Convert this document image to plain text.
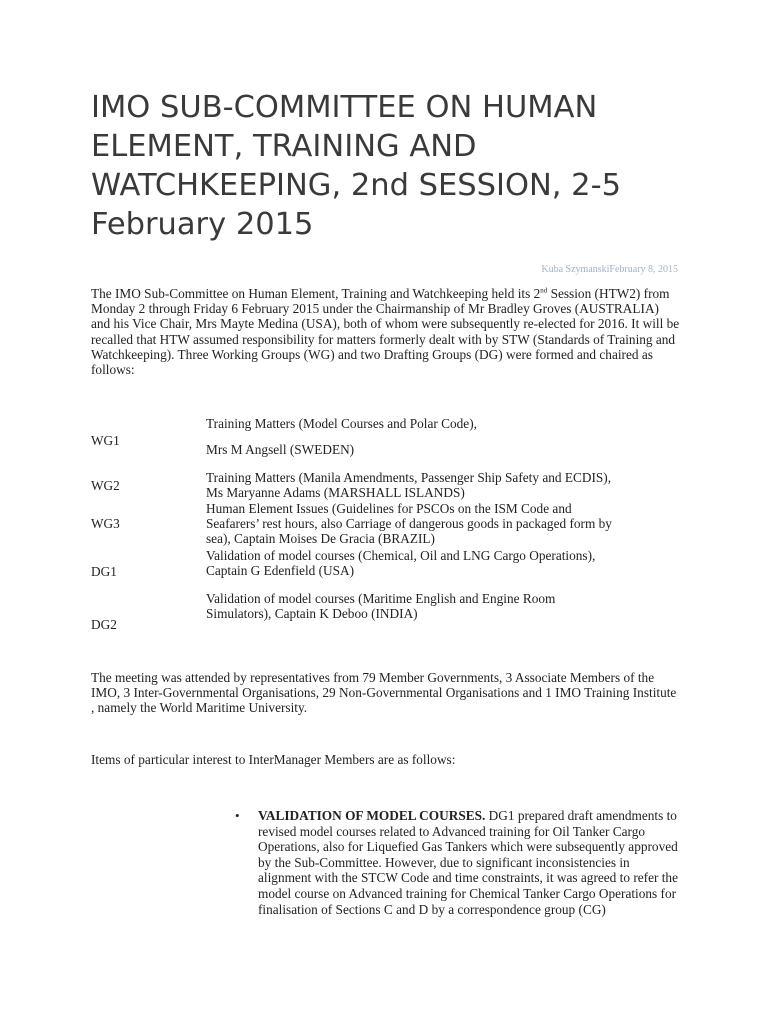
IMO SUB-COMMITTEE ON HUMAN ELEMENT, TRAINING AND WATCHKEEPING, 2nd SESSION, 2-5 February 2015
Kuba SzymanskiFebruary 8, 2015

The IMO Sub-Committee on Human Element, Training and Watchkeeping held its 2nd Session (HTW2) from Monday 2 through Friday 6 February 2015 under the Chairmanship of Mr Bradley Groves (AUSTRALIA) and his Vice Chair, Mrs Mayte Medina (USA), both of whom were subsequently re-elected for 2016. It will be recalled that HTW assumed responsibility for matters formerly dealt with by STW (Standards of Training and Watchkeeping). Three Working Groups (WG) and two Drafting Groups (DG) were formed and chaired as follows:

Training Matters (Model Courses and Polar Code),
WG1
Mrs M Angsell (SWEDEN)
WG2
Training Matters (Manila Amendments, Passenger Ship Safety and ECDIS), Ms Maryanne Adams (MARSHALL ISLANDS)
WG3
Human Element Issues (Guidelines for PSCOs on the ISM Code and Seafarers’ rest hours, also Carriage of dangerous goods in packaged form by sea), Captain Moises De Gracia (BRAZIL)
DG1
Validation of model courses (Chemical, Oil and LNG Cargo Operations), Captain G Edenfield (USA)
DG2
Validation of model courses (Maritime English and Engine Room Simulators), Captain K Deboo (INDIA)

The meeting was attended by representatives from 79 Member Governments, 3 Associate Members of the IMO, 3 Inter-Governmental Organisations, 29 Non-Governmental Organisations and 1 IMO Training Institute , namely the World Maritime University.

Items of particular interest to InterManager Members are as follows:

• VALIDATION OF MODEL COURSES. DG1 prepared draft amendments to revised model courses related to Advanced training for Oil Tanker Cargo Operations, also for Liquefied Gas Tankers which were subsequently approved by the Sub-Committee. However, due to significant inconsistencies in alignment with the STCW Code and time constraints, it was agreed to refer the model course on Advanced training for Chemical Tanker Cargo Operations for finalisation of Sections C and D by a correspondence group (CG)
